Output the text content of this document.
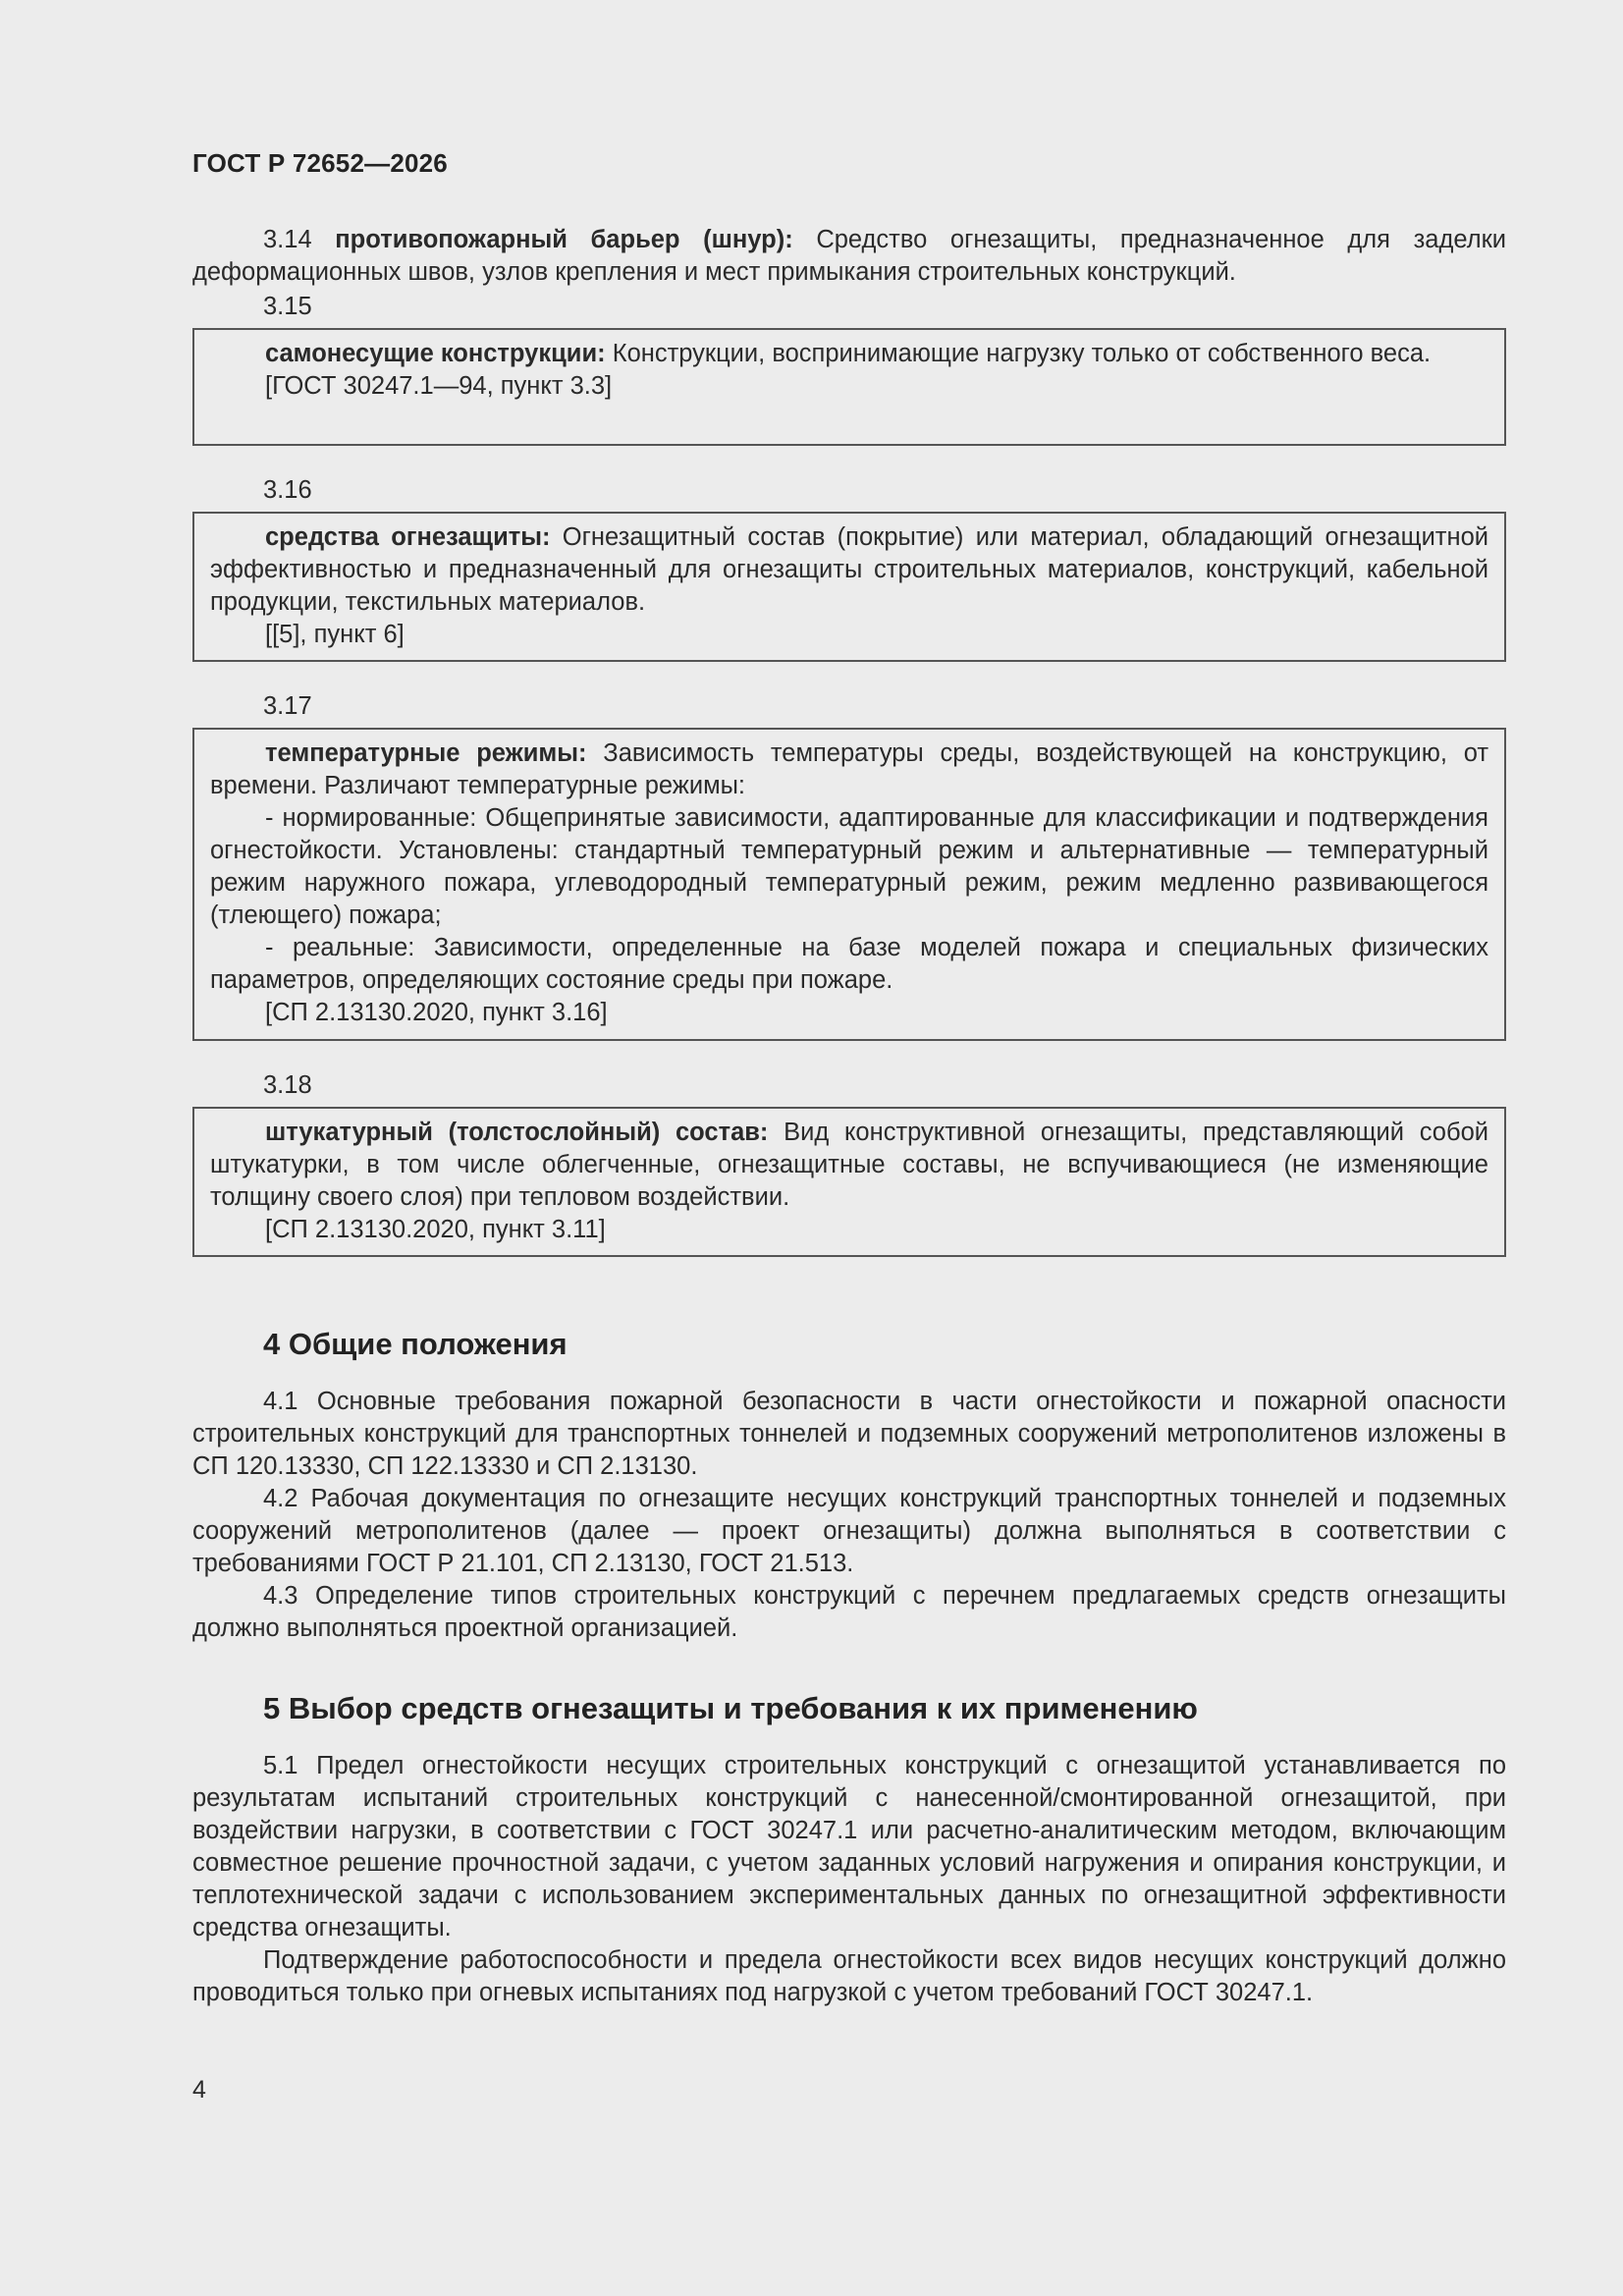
ГОСТ Р 72652—2026

3.14 противопожарный барьер (шнур): Средство огнезащиты, предназначенное для заделки деформационных швов, узлов крепления и мест примыкания строительных конструкций.

3.15

самонесущие конструкции: Конструкции, воспринимающие нагрузку только от собственного веса.

[ГОСТ 30247.1—94, пункт 3.3]
3.16

средства огнезащиты: Огнезащитный состав (покрытие) или материал, обладающий огнезащитной эффективностью и предназначенный для огнезащиты строительных материалов, конструкций, кабельной продукции, текстильных материалов.

[[5], пункт 6]
3.17

температурные режимы: Зависимость температуры среды, воздействующей на конструкцию, от времени. Различают температурные режимы:

- нормированные: Общепринятые зависимости, адаптированные для классификации и подтверждения огнестойкости. Установлены: стандартный температурный режим и альтернативные — температурный режим наружного пожара, углеводородный температурный режим, режим медленно развивающегося (тлеющего) пожара;

- реальные: Зависимости, определенные на базе моделей пожара и специальных физических параметров, определяющих состояние среды при пожаре.

[СП 2.13130.2020, пункт 3.16]
3.18

штукатурный (толстослойный) состав: Вид конструктивной огнезащиты, представляющий собой штукатурки, в том числе облегченные, огнезащитные составы, не вспучивающиеся (не изменяющие толщину своего слоя) при тепловом воздействии.

[СП 2.13130.2020, пункт 3.11]
4 Общие положения

4.1 Основные требования пожарной безопасности в части огнестойкости и пожарной опасности строительных конструкций для транспортных тоннелей и подземных сооружений метрополитенов изложены в СП 120.13330, СП 122.13330 и СП 2.13130.

4.2 Рабочая документация по огнезащите несущих конструкций транспортных тоннелей и подземных сооружений метрополитенов (далее — проект огнезащиты) должна выполняться в соответствии с требованиями ГОСТ Р 21.101, СП 2.13130, ГОСТ 21.513.

4.3 Определение типов строительных конструкций с перечнем предлагаемых средств огнезащиты должно выполняться проектной организацией.

5 Выбор средств огнезащиты и требования к их применению

5.1 Предел огнестойкости несущих строительных конструкций с огнезащитой устанавливается по результатам испытаний строительных конструкций с нанесенной/смонтированной огнезащитой, при воздействии нагрузки, в соответствии с ГОСТ 30247.1 или расчетно-аналитическим методом, включающим совместное решение прочностной задачи, с учетом заданных условий нагружения и опирания конструкции, и теплотехнической задачи с использованием экспериментальных данных по огнезащитной эффективности средства огнезащиты.

Подтверждение работоспособности и предела огнестойкости всех видов несущих конструкций должно проводиться только при огневых испытаниях под нагрузкой с учетом требований ГОСТ 30247.1.

4
